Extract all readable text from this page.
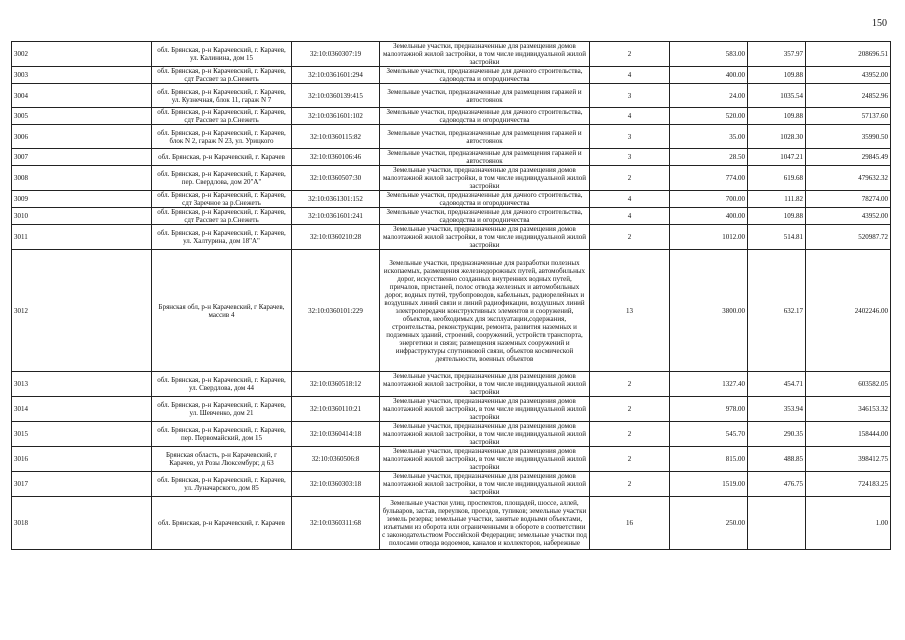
150
3002	обл. Брянская, р-н Карачевский, г. Карачев, ул. Калинина, дом 15	32:10:0360307:19	Земельные участки, предназначенные для размещения домов малоэтажной жилой застройки, в том числе индивидуальной жилой застройки	2	583.00	357.97	208696.51
3003	обл. Брянская, р-н Карачевский, г. Карачев, сдт Рассвет за р.Снежеть	32:10:0361601:294	Земельные участки, предназначенные для дачного строительства, садоводства и огородничества	4	400.00	109.88	43952.00
3004	обл. Брянская, р-н Карачевский, г. Карачев, ул. Кузнечная, блок 11, гараж N 7	32:10:0360139:415	Земельные участки, предназначенные для размещения гаражей и автостоянок	3	24.00	1035.54	24852.96
3005	обл. Брянская, р-н Карачевский, г. Карачев, сдт Рассвет за р.Снежеть	32:10:0361601:102	Земельные участки, предназначенные для дачного строительства, садоводства и огородничества	4	520.00	109.88	57137.60
3006	обл. Брянская, р-н Карачевский, г. Карачев, блок N 2, гараж N 23, ул. Урицкого	32:10:0360115:82	Земельные участки, предназначенные для размещения гаражей и автостоянок	3	35.00	1028.30	35990.50
3007	обл. Брянская, р-н Карачевский, г. Карачев	32:10:0360106:46	Земельные участки, предназначенные для размещения гаражей и автостоянок	3	28.50	1047.21	29845.49
3008	обл. Брянская, р-н Карачевский, г. Карачев, пер. Свердлова, дом 20"А"	32:10:0360507:30	Земельные участки, предназначенные для размещения домов малоэтажной жилой застройки, в том числе индивидуальной жилой застройки	2	774.00	619.68	479632.32
3009	обл. Брянская, р-н Карачевский, г. Карачев, сдт Заречное за р.Снежеть	32:10:0361301:152	Земельные участки, предназначенные для дачного строительства, садоводства и огородничества	4	700.00	111.82	78274.00
3010	обл. Брянская, р-н Карачевский, г. Карачев, сдт Рассвет за р.Снежеть	32:10:0361601:241	Земельные участки, предназначенные для дачного строительства, садоводства и огородничества	4	400.00	109.88	43952.00
3011	обл. Брянская, р-н Карачевский, г. Карачев, ул. Халтурина, дом 18"А"	32:10:0360210:28	Земельные участки, предназначенные для размещения домов малоэтажной жилой застройки, в том числе индивидуальной жилой застройки	2	1012.00	514.81	520987.72
3012	Брянская обл, р-н Карачевский, г Карачев, массив 4	32:10:0360101:229	Земельные участки, предназначенные для разработки полезных ископаемых, размещения железнодорожных путей, автомобильных дорог, искусственно созданных внутренних водных путей, причалов, пристаней, полос отвода железных и автомобильных дорог, водных путей, трубопроводов, кабельных, радиорелейных и воздушных линий связи и линий радиофикации, воздушных линий электропередачи конструктивных элементов и сооружений, объектов, необходимых для эксплуатации,содержания, строительства, реконструкции, ремонта, развития наземных и подземных зданий, строений, сооружений, устройств транспорта, энергетики и связи; размещения наземных сооружений и инфраструктуры спутниковой связи, объектов космической деятельности, военных объектов	13	3800.00	632.17	2402246.00
3013	обл. Брянская, р-н Карачевский, г. Карачев, ул. Свердлова, дом 44	32:10:0360518:12	Земельные участки, предназначенные для размещения домов малоэтажной жилой застройки, в том числе индивидуальной жилой застройки	2	1327.40	454.71	603582.05
3014	обл. Брянская, р-н Карачевский, г. Карачев, ул. Шевченко, дом 21	32:10:0360110:21	Земельные участки, предназначенные для размещения домов малоэтажной жилой застройки, в том числе индивидуальной жилой застройки	2	978.00	353.94	346153.32
3015	обл. Брянская, р-н Карачевский, г. Карачев, пер. Первомайский, дом 15	32:10:0360414:18	Земельные участки, предназначенные для размещения домов малоэтажной жилой застройки, в том числе индивидуальной жилой застройки	2	545.70	290.35	158444.00
3016	Брянская область, р-н Карачевский, г Карачев, ул Розы Люксембург, д 63	32:10:0360506:8	Земельные участки, предназначенные для размещения домов малоэтажной жилой застройки, в том числе индивидуальной жилой застройки	2	815.00	488.85	398412.75
3017	обл. Брянская, р-н Карачевский, г. Карачев, ул. Луначарского, дом 85	32:10:0360303:18	Земельные участки, предназначенные для размещения домов малоэтажной жилой застройки, в том числе индивидуальной жилой застройки	2	1519.00	476.75	724183.25
3018	обл. Брянская, р-н Карачевский, г. Карачев	32:10:0360311:68	Земельные участки улиц, проспектов, площадей, шоссе, аллей, бульваров, застав, переулков, проездов, тупиков; земельные участки земель резерва; земельные участки, занятые водными объектами, изъятыми из оборота или ограниченными в обороте в соответствии с законодательством Российской Федерации; земельные участки под полосами отвода водоемов, каналов и коллекторов, набережные	16	250.00		1.00
